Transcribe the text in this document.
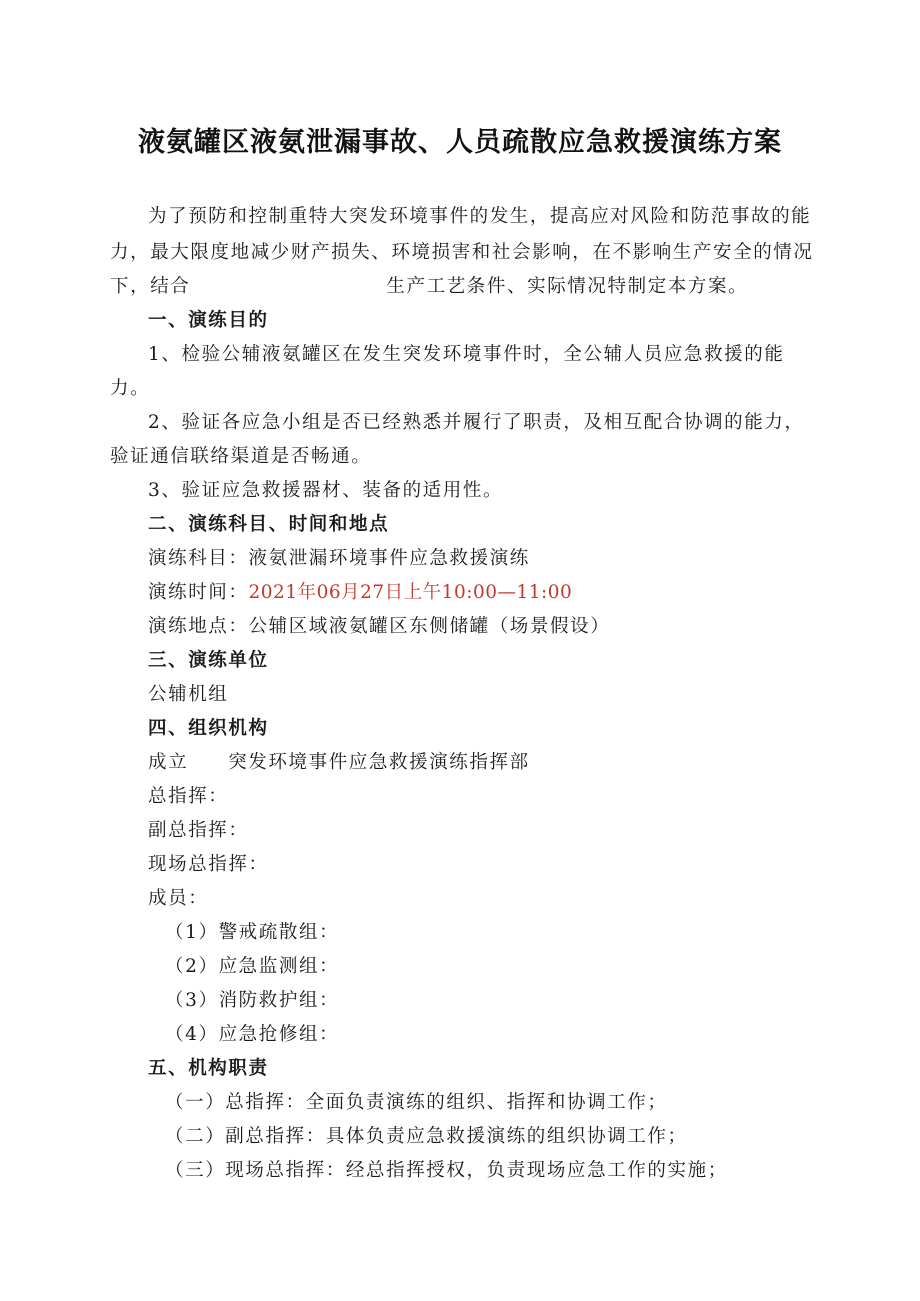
液氨罐区液氨泄漏事故、人员疏散应急救援演练方案
为了预防和控制重特大突发环境事件的发生，提高应对风险和防范事故的能
力，最大限度地减少财产损失、环境损害和社会影响，在不影响生产安全的情况
下，结合	生产工艺条件、实际情况特制定本方案。
一、演练目的
1、检验公辅液氨罐区在发生突发环境事件时，全公辅人员应急救援的能
力。
2、验证各应急小组是否已经熟悉并履行了职责，及相互配合协调的能力，
验证通信联络渠道是否畅通。
3、验证应急救援器材、装备的适用性。
二、演练科目、时间和地点
演练科目：液氨泄漏环境事件应急救援演练
演练时间：2021年06月27日上午10:00—11:00
演练地点：公辅区域液氨罐区东侧储罐（场景假设）
三、演练单位
公辅机组
四、组织机构
成立 突发环境事件应急救援演练指挥部
总指挥：
副总指挥：
现场总指挥：
成员：
（1）警戒疏散组：
（2）应急监测组：
（3）消防救护组：
（4）应急抢修组：
五、机构职责
（一）总指挥：全面负责演练的组织、指挥和协调工作；
（二）副总指挥：具体负责应急救援演练的组织协调工作；
（三）现场总指挥：经总指挥授权，负责现场应急工作的实施；
